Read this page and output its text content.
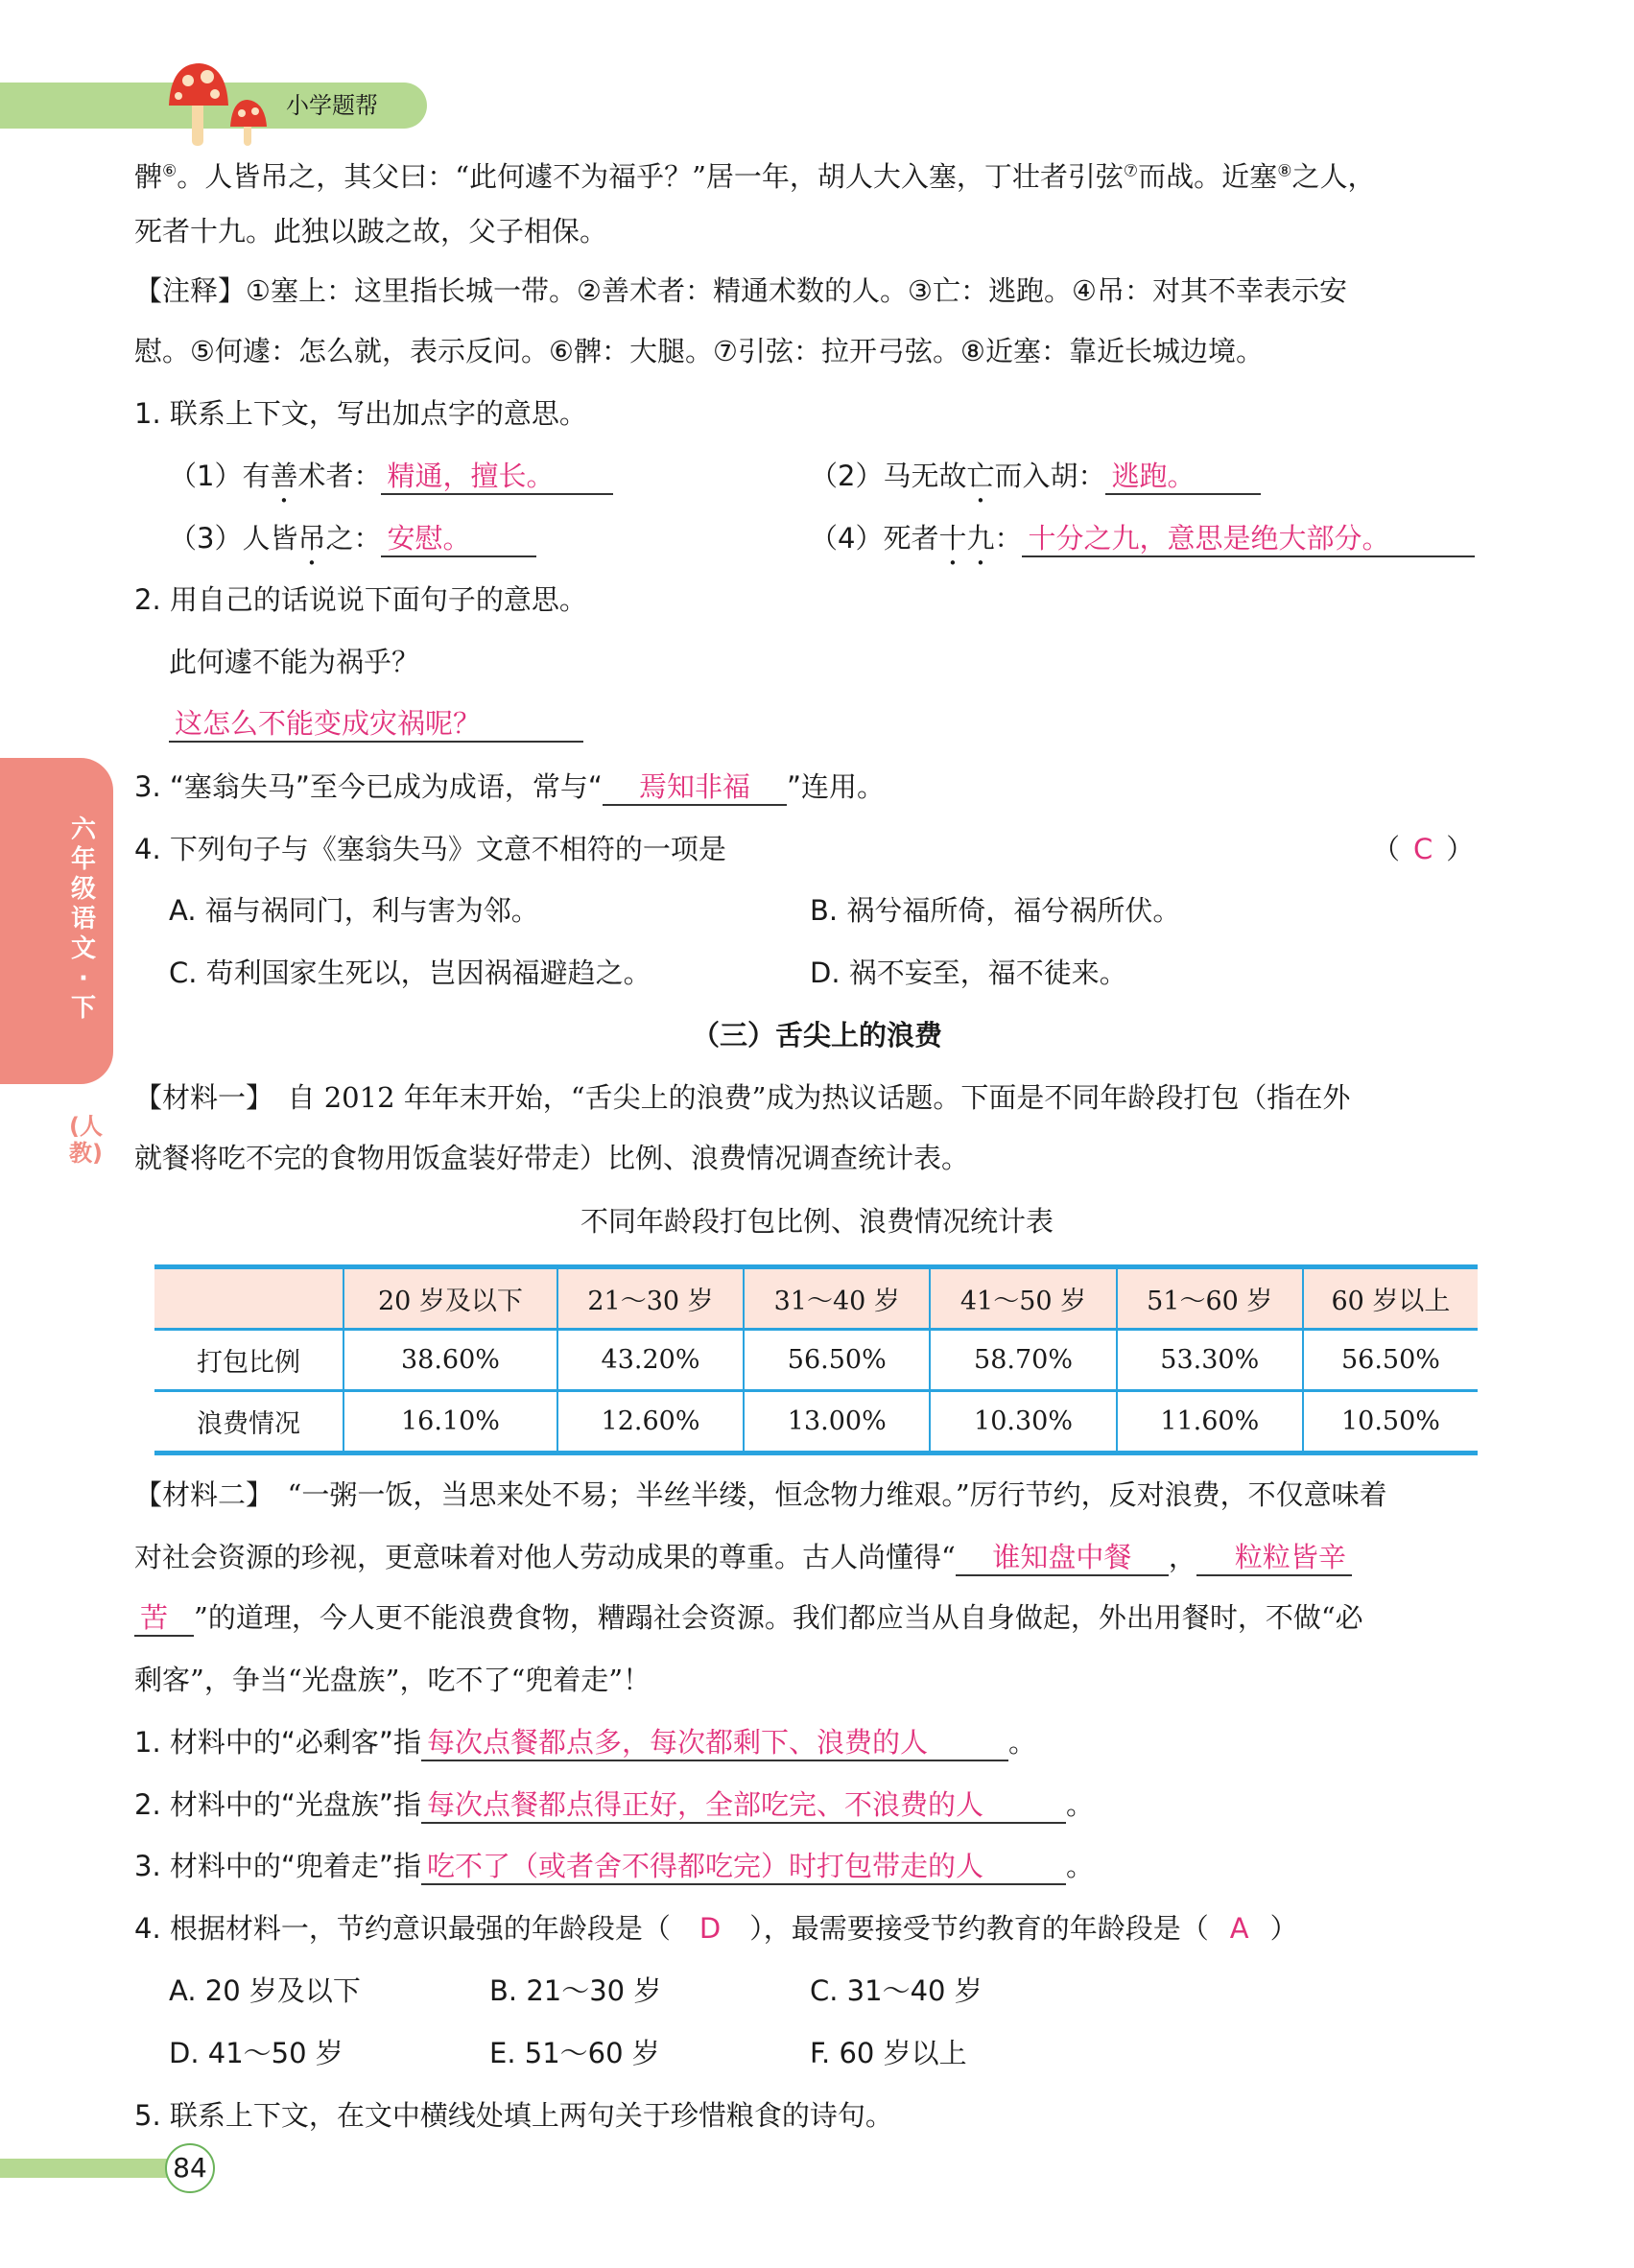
小学题帮
六年级语文·下
(人教)
髀⑥。人皆吊之，其父曰：“此何遽不为福乎？”居一年，胡人大入塞，丁壮者引弦⑦而战。近塞⑧之人，
死者十九。此独以跛之故，父子相保。
【注释】①塞上：这里指长城一带。②善术者：精通术数的人。③亡：逃跑。④吊：对其不幸表示安
慰。⑤何遽：怎么就，表示反问。⑥髀：大腿。⑦引弦：拉开弓弦。⑧近塞：靠近长城边境。
1. 联系上下文，写出加点字的意思。
（1）有善术者： 精通，擅长。	（2）马无故亡而入胡： 逃跑。
（3）人皆吊之： 安慰。	（4）死者十九： 十分之九，意思是绝大部分。
2. 用自己的话说说下面句子的意思。
此何遽不能为祸乎？
这怎么不能变成灾祸呢？
3. “塞翁失马”至今已成为成语，常与“ 焉知非福 ”连用。
4. 下列句子与《塞翁失马》文意不相符的一项是	（ C ）
A. 福与祸同门，利与害为邻。	B. 祸兮福所倚，福兮祸所伏。
C. 苟利国家生死以，岂因祸福避趋之。	D. 祸不妄至，福不徒来。
（三）舌尖上的浪费
【材料一】　自 2012 年年末开始，“舌尖上的浪费”成为热议话题。下面是不同年龄段打包（指在外
就餐将吃不完的食物用饭盒装好带走）比例、浪费情况调查统计表。
不同年龄段打包比例、浪费情况统计表
	20 岁及以下	21～30 岁	31～40 岁	41～50 岁	51～60 岁	60 岁以上
打包比例	38.60%	43.20%	56.50%	58.70%	53.30%	56.50%
浪费情况	16.10%	12.60%	13.00%	10.30%	11.60%	10.50%
【材料二】　“一粥一饭，当思来处不易；半丝半缕，恒念物力维艰。”厉行节约，反对浪费，不仅意味着
对社会资源的珍视，更意味着对他人劳动成果的尊重。古人尚懂得“ 谁知盘中餐 ， 粒粒皆辛
苦 ”的道理，今人更不能浪费食物，糟蹋社会资源。我们都应当从自身做起，外出用餐时，不做“必
剩客”，争当“光盘族”，吃不了“兜着走”！
1. 材料中的“必剩客”指 每次点餐都点多，每次都剩下、浪费的人	。
2. 材料中的“光盘族”指 每次点餐都点得正好，全部吃完、不浪费的人	。
3. 材料中的“兜着走”指 吃不了（或者舍不得都吃完）时打包带走的人	。
4. 根据材料一，节约意识最强的年龄段是（ D ），最需要接受节约教育的年龄段是（ A ）
A. 20 岁及以下	B. 21～30 岁	C. 31～40 岁
D. 41～50 岁	E. 51～60 岁	F. 60 岁以上
5. 联系上下文，在文中横线处填上两句关于珍惜粮食的诗句。
84
